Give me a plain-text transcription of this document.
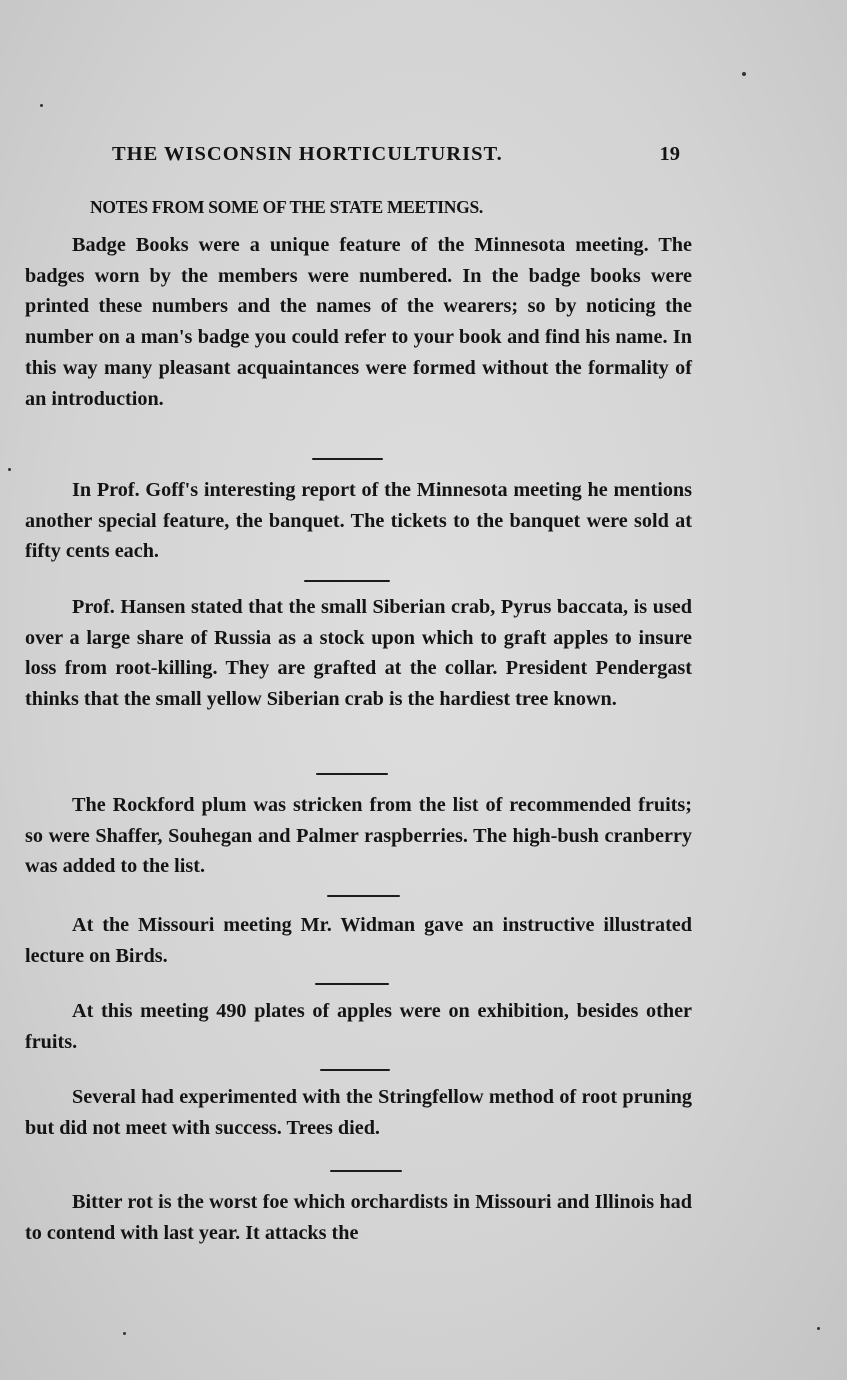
THE WISCONSIN HORTICULTURIST.	19
NOTES FROM SOME OF THE STATE MEETINGS.

Badge Books were a unique feature of the Minnesota meeting. The badges worn by the members were numbered. In the badge books were printed these numbers and the names of the wearers; so by noticing the number on a man's badge you could refer to your book and find his name. In this way many pleasant acquaintances were formed without the formality of an introduction.

In Prof. Goff's interesting report of the Minnesota meeting he mentions another special feature, the banquet. The tickets to the banquet were sold at fifty cents each.

Prof. Hansen stated that the small Siberian crab, Pyrus baccata, is used over a large share of Russia as a stock upon which to graft apples to insure loss from root-killing. They are grafted at the collar. President Pendergast thinks that the small yellow Siberian crab is the hardiest tree known.

The Rockford plum was stricken from the list of recommended fruits; so were Shaffer, Souhegan and Palmer raspberries. The high-bush cranberry was added to the list.

At the Missouri meeting Mr. Widman gave an instructive illustrated lecture on Birds.

At this meeting 490 plates of apples were on exhibition, besides other fruits.

Several had experimented with the Stringfellow method of root pruning but did not meet with success. Trees died.

Bitter rot is the worst foe which orchardists in Missouri and Illinois had to contend with last year. It attacks the
